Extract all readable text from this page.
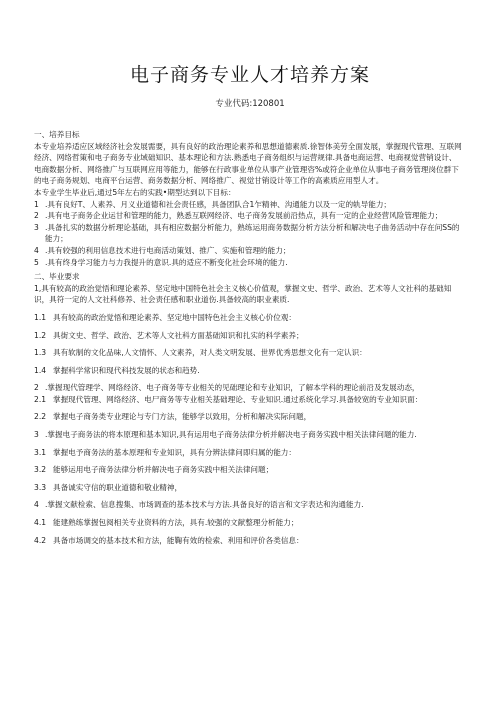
电子商务专业人才培养方案
专业代码:120801

一、培养目标

本专业培养适应区域经济社会发展需要，具有良好的政治理论素养和思想道德素质.徐智体美劳全面发展，掌握现代管理、互联网经济、网络哲策和电子商务专业域础知识、基本理论和方法.熟悉电子商务组织与运营规律.具备电商运营、电商视觉营销设计、电商数据分析、网络推广与互联网应用等能力，能够在行政事业单位从事产业管理咨%或符企业单位从事电子商务管理岗位群下的电子商务规划、电商平台运营、商务数据分析、网络推广、视觉甘销设计等工作的高素质应用型人才。

本专业学生毕业后,通过5年左右的实践•期型达到以下目标：

1 .具有良好T、人素养、月义业道德和社会责任感，具备团队合1乍精神、沟通能力以及一定的轨导能力；
2 .具有电子商务企业运甘和管理的能力，熟悉互联网经济、电子商务发展前沿热点，具有一定的企业经营风险管理能力；
3 .具备扎实的数据分析理论基础，具有相应数据分析能力，熟练运用商务数据分析方法分析和解决电子曲务活动中存在问SS的能力；
4 .具有较强的利用信息技术进行电商活动策划、推广、实施和管理的能力；
5 .具有终身学习能力与力我提升的意识.具的适应不断变化社会环境的能力.

二、毕业要求

1,具有较高的政治觉悟和理论素养、坚定地中国特色社会主义核心价值观，掌握文史、哲学、政治、艺术等人文社科的基础知识，具符一定的人文社科修养、社会责任感和职业道伤.具备较高的职业素质.

1.1 具有较高的政治觉悟和理论素养、坚定地中国特色社会主义核心价位观：
1.2 具街文史、哲学、政治、艺术等人文社科方面基础知识和扎实的科学素养；
1.3 具有软制的文化品味,人文情怀、人文素养，对人类文明发展、世界优秀思想文化有一定认识：
1.4 掌握科学常识和现代科技发展的状态和趋势.
2 .掌握现代管理学、网络经济、电子商务等专业相关的见础理论和专业知识，了解本学科的理论前沿及发展动态，
2.1 掌握现代管理、网络经济、电尸商务等专业相关基础理论、专业知识.通过系统化学习.具备较宽的专业知识面：
2.2 掌握电子商务类专业理论与专门方法，能够学以致用，分析和解决实际问题，
3 .掌握电子商务法的将本原理和基本知识,具有运用电子商务法律分析并解决电子商务实践中相关法律问题的能力.
3.1 掌握电予商务法的基本原理和专业知识，具有分辨法律问即归属的能力：
3.2 能够运用电子商务法律分析并解决电子商务实践中相关法律问题；
3.3 具备诚实守信的职业道德和敬业精神，
4 .掌握文献检索、信息搜集、市场调查的基本技术与方法.具备良好的语言和文字表达和沟通能力.
4.1 能建熟练掌握包阅相关专业资料的方法，具有.较强的文献整理分析能力；
4.2 具备市场调交的基本技术和方法，能鞠有效的检索、利用和评价各类信息：
